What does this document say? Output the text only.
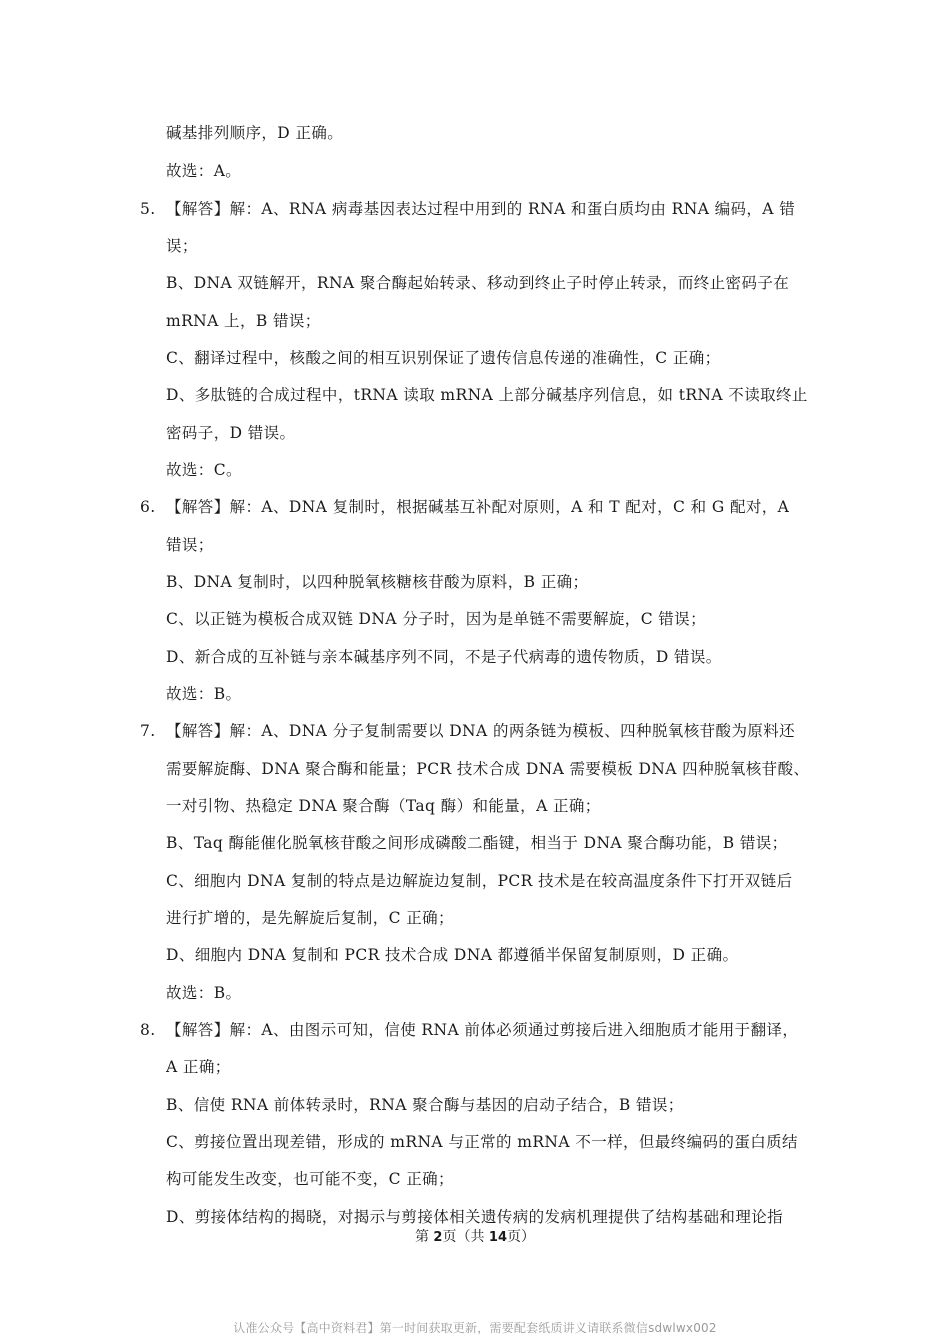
碱基排列顺序，D 正确。
故选：A。
5. 【解答】解：A、RNA 病毒基因表达过程中用到的 RNA 和蛋白质均由 RNA 编码，A 错
误；
B、DNA 双链解开，RNA 聚合酶起始转录、移动到终止子时停止转录，而终止密码子在
mRNA 上，B 错误；
C、翻译过程中，核酸之间的相互识别保证了遗传信息传递的准确性，C 正确；
D、多肽链的合成过程中，tRNA 读取 mRNA 上部分碱基序列信息，如 tRNA 不读取终止
密码子，D 错误。
故选：C。
6. 【解答】解：A、DNA 复制时，根据碱基互补配对原则，A 和 T 配对，C 和 G 配对，A
错误；
B、DNA 复制时，以四种脱氧核糖核苷酸为原料，B 正确；
C、以正链为模板合成双链 DNA 分子时，因为是单链不需要解旋，C 错误；
D、新合成的互补链与亲本碱基序列不同，不是子代病毒的遗传物质，D 错误。
故选：B。
7. 【解答】解：A、DNA 分子复制需要以 DNA 的两条链为模板、四种脱氧核苷酸为原料还
需要解旋酶、DNA 聚合酶和能量；PCR 技术合成 DNA 需要模板 DNA 四种脱氧核苷酸、
一对引物、热稳定 DNA 聚合酶（Taq 酶）和能量，A 正确；
B、Taq 酶能催化脱氧核苷酸之间形成磷酸二酯键，相当于 DNA 聚合酶功能，B 错误；
C、细胞内 DNA 复制的特点是边解旋边复制，PCR 技术是在较高温度条件下打开双链后
进行扩增的，是先解旋后复制，C 正确；
D、细胞内 DNA 复制和 PCR 技术合成 DNA 都遵循半保留复制原则，D 正确。
故选：B。
8. 【解答】解：A、由图示可知，信使 RNA 前体必须通过剪接后进入细胞质才能用于翻译，
A 正确；
B、信使 RNA 前体转录时，RNA 聚合酶与基因的启动子结合，B 错误；
C、剪接位置出现差错，形成的 mRNA 与正常的 mRNA 不一样，但最终编码的蛋白质结
构可能发生改变，也可能不变，C 正确；
D、剪接体结构的揭晓，对揭示与剪接体相关遗传病的发病机理提供了结构基础和理论指
第 2页（共 14页）
认准公众号【高中资料君】第一时间获取更新，需要配套纸质讲义请联系微信sdwlwx002
